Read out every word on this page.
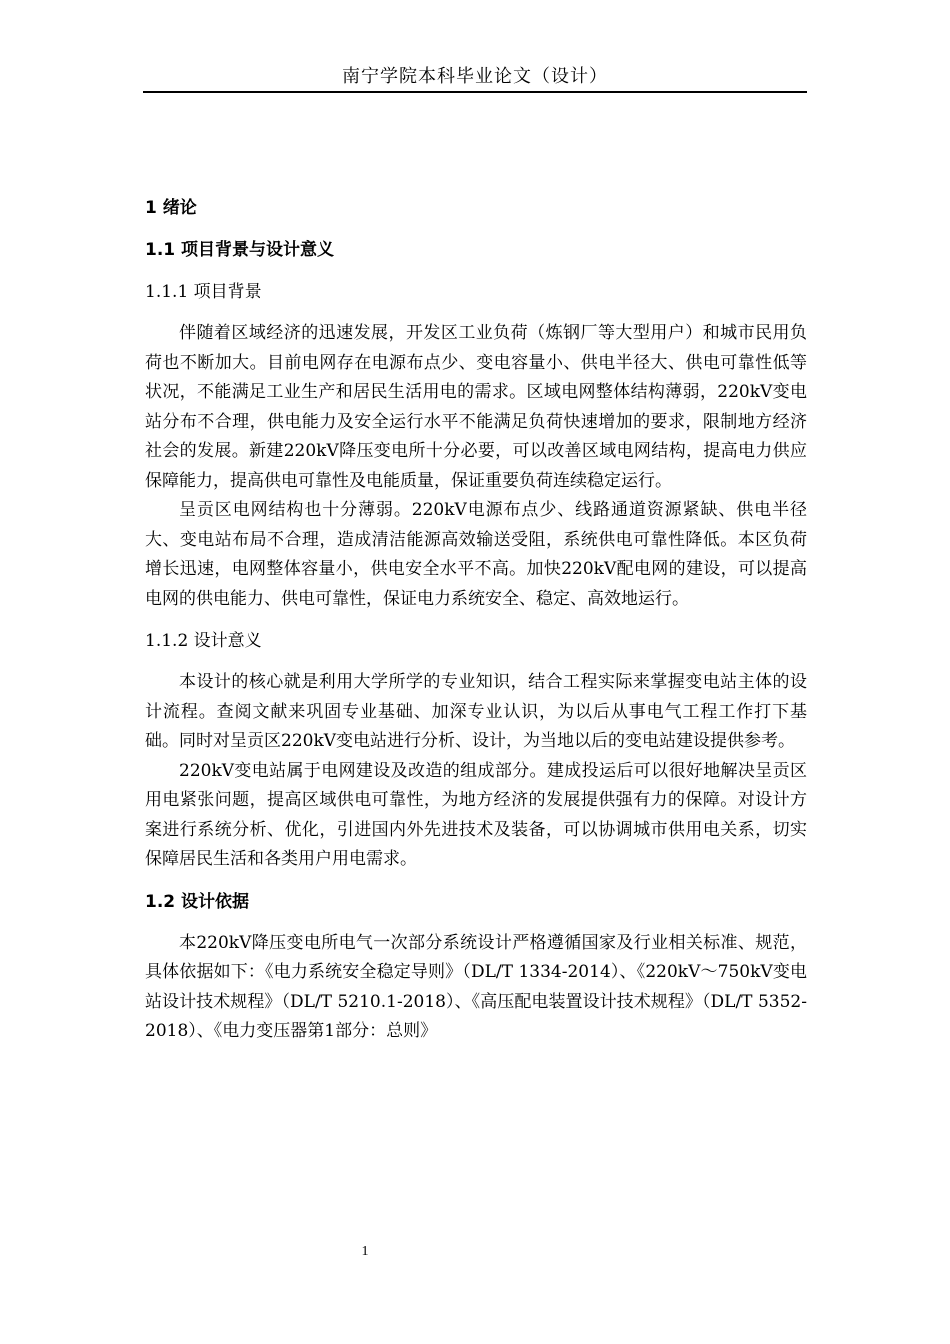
南宁学院本科毕业论文（设计）
1 绪论
1.1 项目背景与设计意义
1.1.1 项目背景

伴随着区域经济的迅速发展，开发区工业负荷（炼钢厂等大型用户）和城市民用负荷也不断加大。目前电网存在电源布点少、变电容量小、供电半径大、供电可靠性低等状况，不能满足工业生产和居民生活用电的需求。区域电网整体结构薄弱，220kV变电站分布不合理，供电能力及安全运行水平不能满足负荷快速增加的要求，限制地方经济社会的发展。新建220kV降压变电所十分必要，可以改善区域电网结构，提高电力供应保障能力，提高供电可靠性及电能质量，保证重要负荷连续稳定运行。

呈贡区电网结构也十分薄弱。220kV电源布点少、线路通道资源紧缺、供电半径大、变电站布局不合理，造成清洁能源高效输送受阻，系统供电可靠性降低。本区负荷增长迅速，电网整体容量小，供电安全水平不高。加快220kV配电网的建设，可以提高电网的供电能力、供电可靠性，保证电力系统安全、稳定、高效地运行。

1.1.2 设计意义

本设计的核心就是利用大学所学的专业知识，结合工程实际来掌握变电站主体的设计流程。查阅文献来巩固专业基础、加深专业认识，为以后从事电气工程工作打下基础。同时对呈贡区220kV变电站进行分析、设计，为当地以后的变电站建设提供参考。

220kV变电站属于电网建设及改造的组成部分。建成投运后可以很好地解决呈贡区用电紧张问题，提高区域供电可靠性，为地方经济的发展提供强有力的保障。对设计方案进行系统分析、优化，引进国内外先进技术及装备，可以协调城市供用电关系，切实保障居民生活和各类用户用电需求。

1.2 设计依据

本220kV降压变电所电气一次部分系统设计严格遵循国家及行业相关标准、规范，具体依据如下：《电力系统安全稳定导则》（DL/T 1334-2014）、《220kV～750kV变电站设计技术规程》（DL/T 5210.1-2018）、《高压配电装置设计技术规程》（DL/T 5352-2018）、《电力变压器第1部分：总则》

1
